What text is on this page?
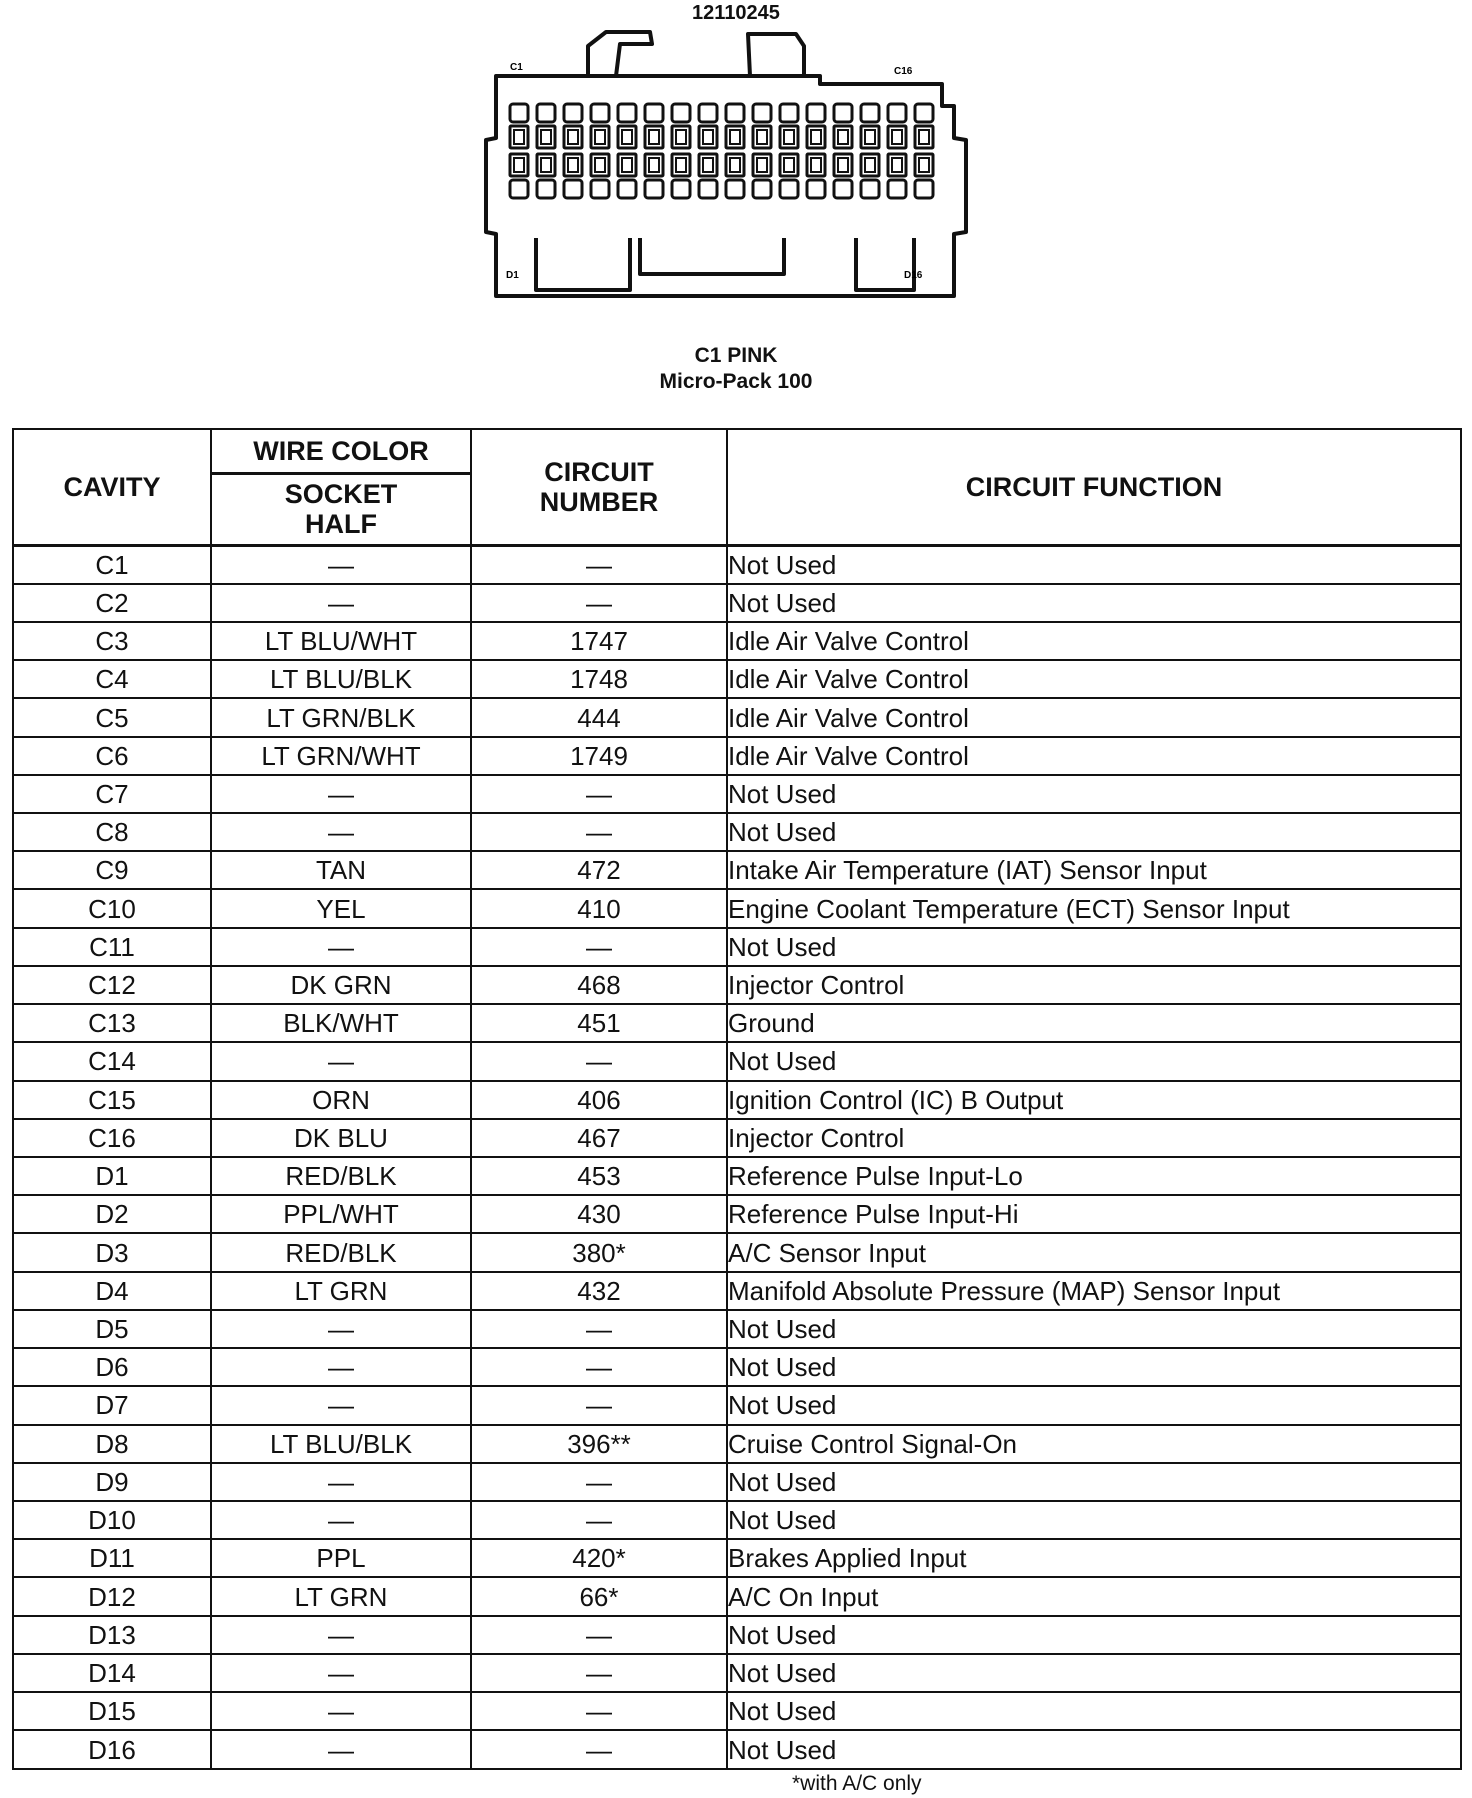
12110245
C1	C16
D1	D16
C1 PINK
Micro-Pack 100
CAVITY	WIRE COLOR	CIRCUIT NUMBER	CIRCUIT FUNCTION
	SOCKET HALF		
C1	—	—	Not Used
C2	—	—	Not Used
C3	LT BLU/WHT	1747	Idle Air Valve Control
C4	LT BLU/BLK	1748	Idle Air Valve Control
C5	LT GRN/BLK	444	Idle Air Valve Control
C6	LT GRN/WHT	1749	Idle Air Valve Control
C7	—	—	Not Used
C8	—	—	Not Used
C9	TAN	472	Intake Air Temperature (IAT) Sensor Input
C10	YEL	410	Engine Coolant Temperature (ECT) Sensor Input
C11	—	—	Not Used
C12	DK GRN	468	Injector Control
C13	BLK/WHT	451	Ground
C14	—	—	Not Used
C15	ORN	406	Ignition Control (IC) B Output
C16	DK BLU	467	Injector Control
D1	RED/BLK	453	Reference Pulse Input-Lo
D2	PPL/WHT	430	Reference Pulse Input-Hi
D3	RED/BLK	380*	A/C Sensor Input
D4	LT GRN	432	Manifold Absolute Pressure (MAP) Sensor Input
D5	—	—	Not Used
D6	—	—	Not Used
D7	—	—	Not Used
D8	LT BLU/BLK	396**	Cruise Control Signal-On
D9	—	—	Not Used
D10	—	—	Not Used
D11	PPL	420*	Brakes Applied Input
D12	LT GRN	66*	A/C On Input
D13	—	—	Not Used
D14	—	—	Not Used
D15	—	—	Not Used
D16	—	—	Not Used
*with A/C only
